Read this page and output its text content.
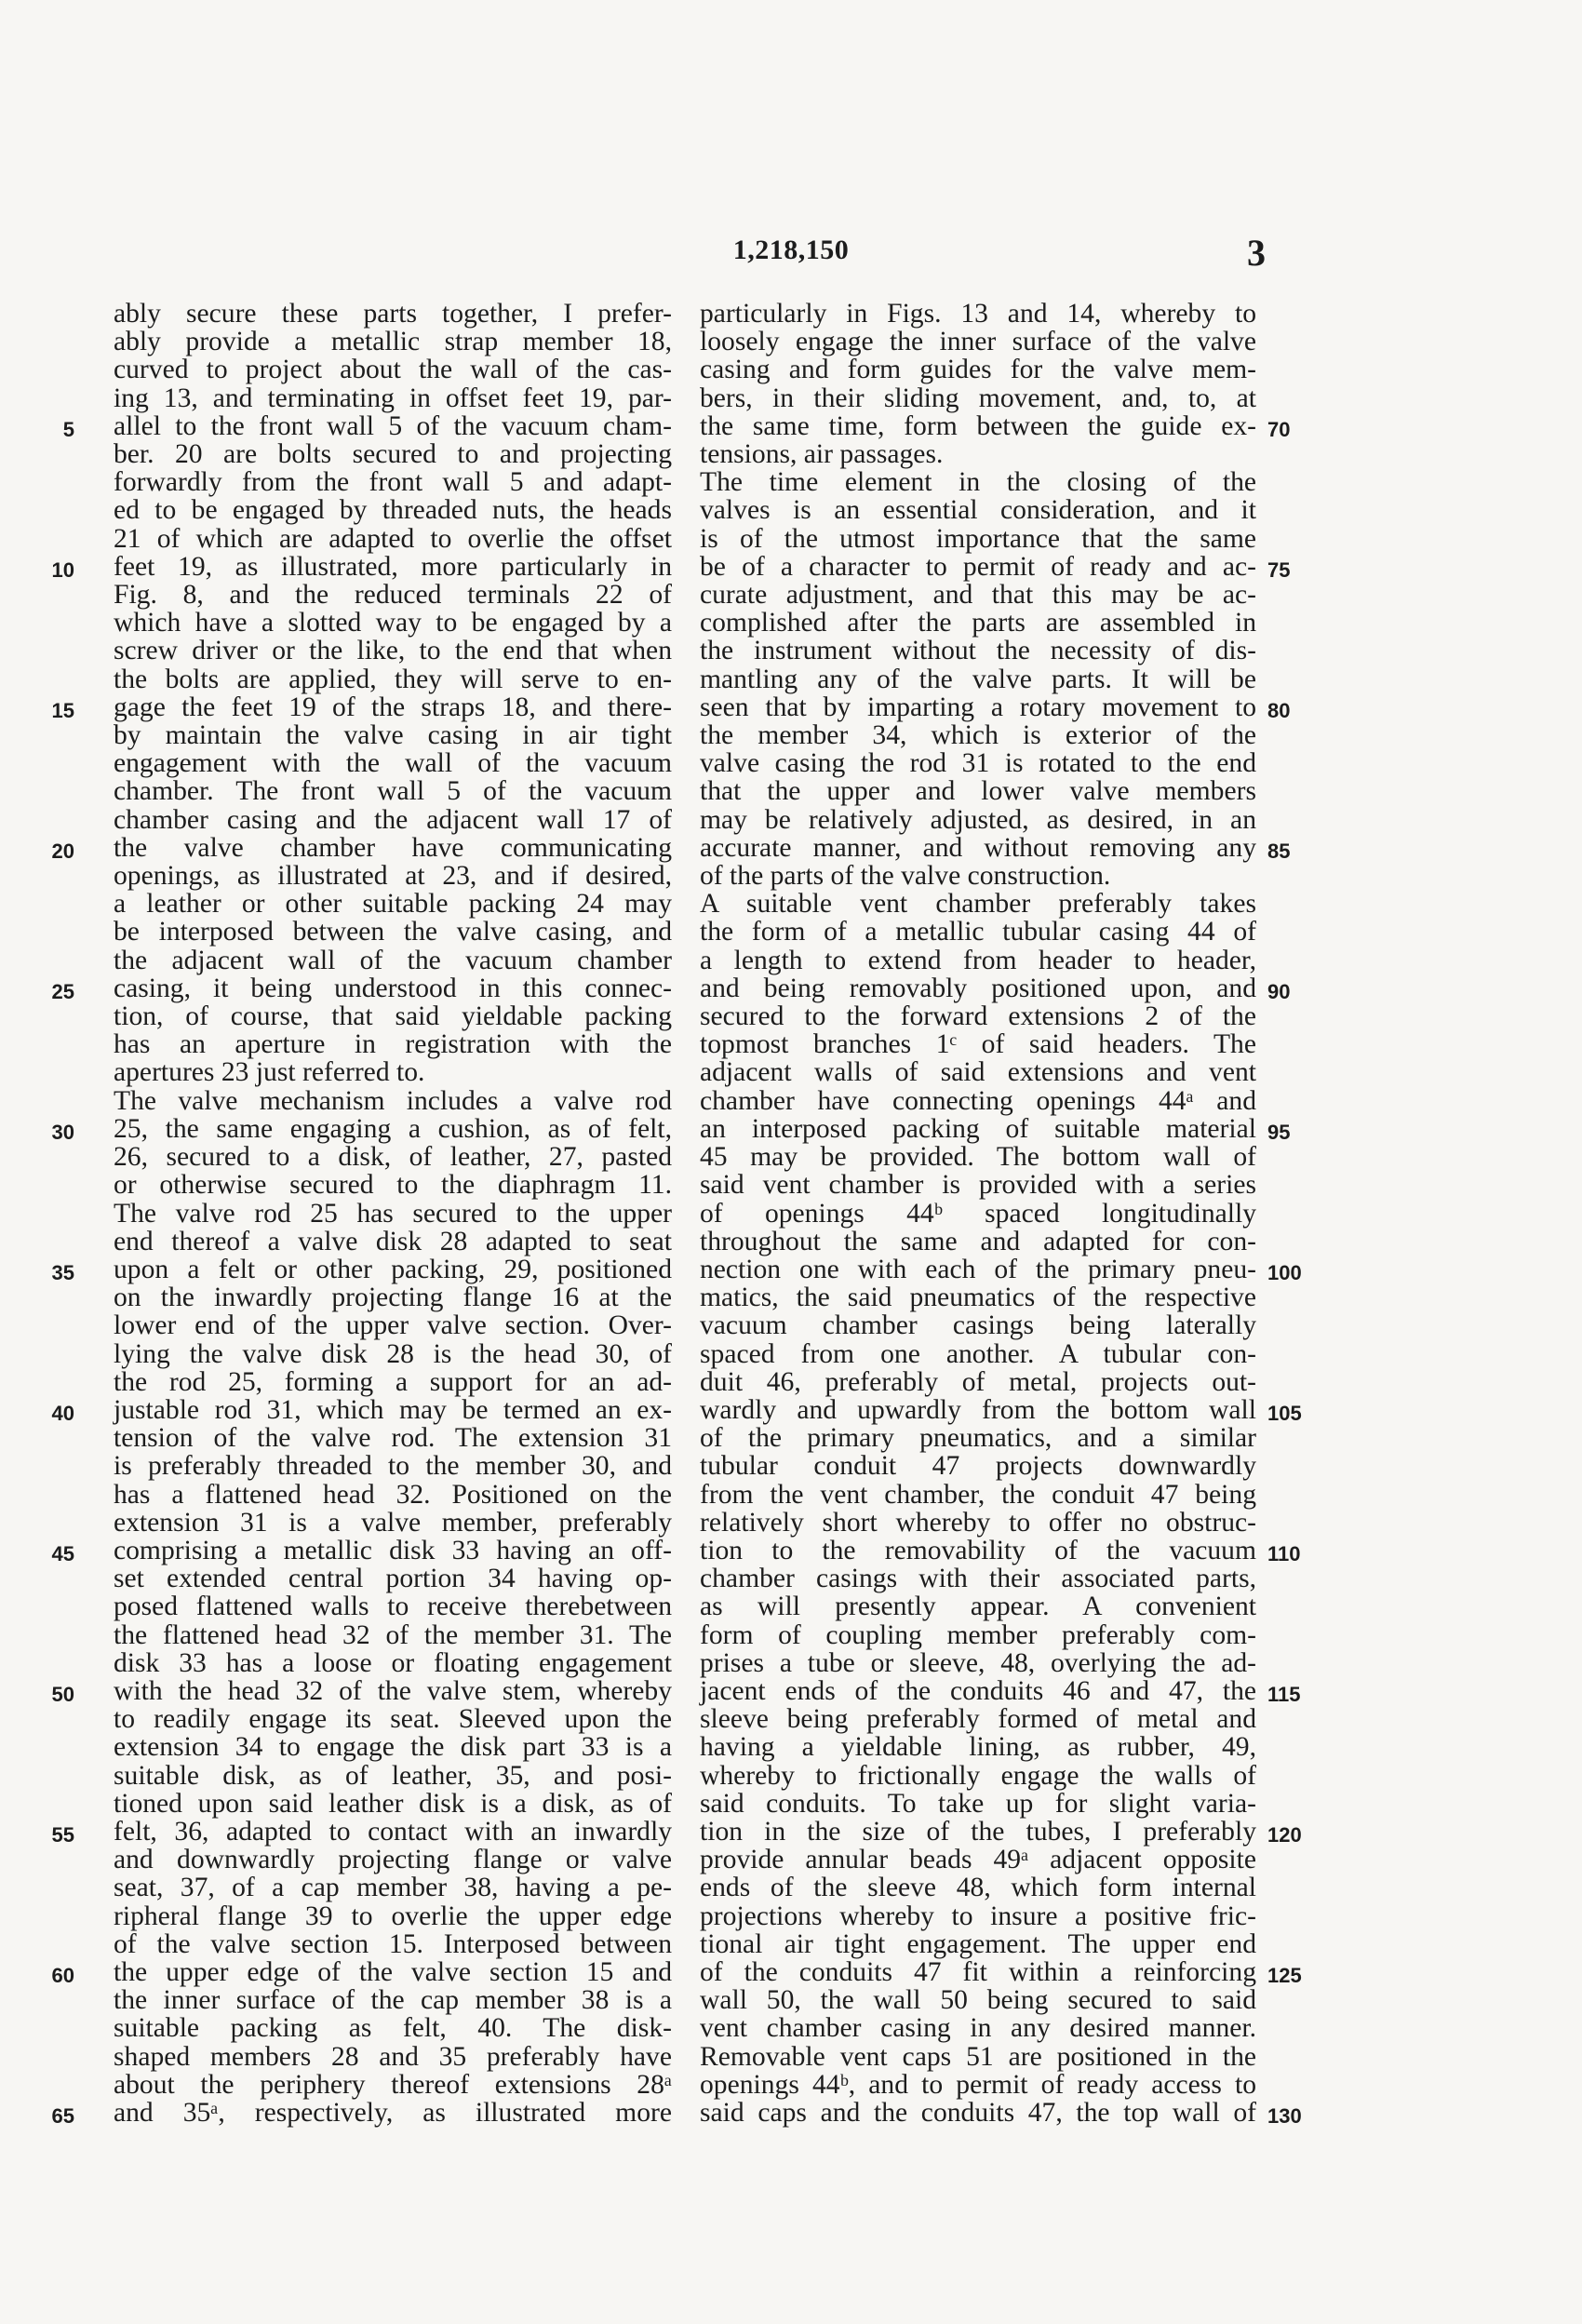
1,218,150	3
ably secure these parts together, I prefer-
ably provide a metallic strap member 18,
curved to project about the wall of the cas-
ing 13, and terminating in offset feet 19, par-
allel to the front wall 5 of the vacuum cham-
ber. 20 are bolts secured to and projecting
forwardly from the front wall 5 and adapt-
ed to be engaged by threaded nuts, the heads
21 of which are adapted to overlie the offset
feet 19, as illustrated, more particularly in
Fig. 8, and the reduced terminals 22 of
which have a slotted way to be engaged by a
screw driver or the like, to the end that when
the bolts are applied, they will serve to en-
gage the feet 19 of the straps 18, and there-
by maintain the valve casing in air tight
engagement with the wall of the vacuum
chamber. The front wall 5 of the vacuum
chamber casing and the adjacent wall 17 of
the valve chamber have communicating
openings, as illustrated at 23, and if desired,
a leather or other suitable packing 24 may
be interposed between the valve casing, and
the adjacent wall of the vacuum chamber
casing, it being understood in this connec-
tion, of course, that said yieldable packing
has an aperture in registration with the
apertures 23 just referred to.
The valve mechanism includes a valve rod
25, the same engaging a cushion, as of felt,
26, secured to a disk, of leather, 27, pasted
or otherwise secured to the diaphragm 11.
The valve rod 25 has secured to the upper
end thereof a valve disk 28 adapted to seat
upon a felt or other packing, 29, positioned
on the inwardly projecting flange 16 at the
lower end of the upper valve section. Over-
lying the valve disk 28 is the head 30, of
the rod 25, forming a support for an ad-
justable rod 31, which may be termed an ex-
tension of the valve rod. The extension 31
is preferably threaded to the member 30, and
has a flattened head 32. Positioned on the
extension 31 is a valve member, preferably
comprising a metallic disk 33 having an off-
set extended central portion 34 having op-
posed flattened walls to receive therebetween
the flattened head 32 of the member 31. The
disk 33 has a loose or floating engagement
with the head 32 of the valve stem, whereby
to readily engage its seat. Sleeved upon the
extension 34 to engage the disk part 33 is a
suitable disk, as of leather, 35, and posi-
tioned upon said leather disk is a disk, as of
felt, 36, adapted to contact with an inwardly
and downwardly projecting flange or valve
seat, 37, of a cap member 38, having a pe-
ripheral flange 39 to overlie the upper edge
of the valve section 15. Interposed between
the upper edge of the valve section 15 and
the inner surface of the cap member 38 is a
suitable packing as felt, 40. The disk-
shaped members 28 and 35 preferably have
about the periphery thereof extensions 28ᵃ
and 35ᵃ, respectively, as illustrated more
particularly in Figs. 13 and 14, whereby to
loosely engage the inner surface of the valve
casing and form guides for the valve mem-
bers, in their sliding movement, and, to, at
the same time, form between the guide ex-
tensions, air passages.
The time element in the closing of the
valves is an essential consideration, and it
is of the utmost importance that the same
be of a character to permit of ready and ac-
curate adjustment, and that this may be ac-
complished after the parts are assembled in
the instrument without the necessity of dis-
mantling any of the valve parts. It will be
seen that by imparting a rotary movement to
the member 34, which is exterior of the
valve casing the rod 31 is rotated to the end
that the upper and lower valve members
may be relatively adjusted, as desired, in an
accurate manner, and without removing any
of the parts of the valve construction.
A suitable vent chamber preferably takes
the form of a metallic tubular casing 44 of
a length to extend from header to header,
and being removably positioned upon, and
secured to the forward extensions 2 of the
topmost branches 1ᶜ of said headers. The
adjacent walls of said extensions and vent
chamber have connecting openings 44ᵃ and
an interposed packing of suitable material
45 may be provided. The bottom wall of
said vent chamber is provided with a series
of openings 44ᵇ spaced longitudinally
throughout the same and adapted for con-
nection one with each of the primary pneu-
matics, the said pneumatics of the respective
vacuum chamber casings being laterally
spaced from one another. A tubular con-
duit 46, preferably of metal, projects out-
wardly and upwardly from the bottom wall
of the primary pneumatics, and a similar
tubular conduit 47 projects downwardly
from the vent chamber, the conduit 47 being
relatively short whereby to offer no obstruc-
tion to the removability of the vacuum
chamber casings with their associated parts,
as will presently appear. A convenient
form of coupling member preferably com-
prises a tube or sleeve, 48, overlying the ad-
jacent ends of the conduits 46 and 47, the
sleeve being preferably formed of metal and
having a yieldable lining, as rubber, 49,
whereby to frictionally engage the walls of
said conduits. To take up for slight varia-
tion in the size of the tubes, I preferably
provide annular beads 49ᵃ adjacent opposite
ends of the sleeve 48, which form internal
projections whereby to insure a positive fric-
tional air tight engagement. The upper end
of the conduits 47 fit within a reinforcing
wall 50, the wall 50 being secured to said
vent chamber casing in any desired manner.
Removable vent caps 51 are positioned in the
openings 44ᵇ, and to permit of ready access to
said caps and the conduits 47, the top wall of
5
10
15
20
25
30
35
40
45
50
55
60
65
70
75
80
85
90
95
100
105
110
115
120
125
130
